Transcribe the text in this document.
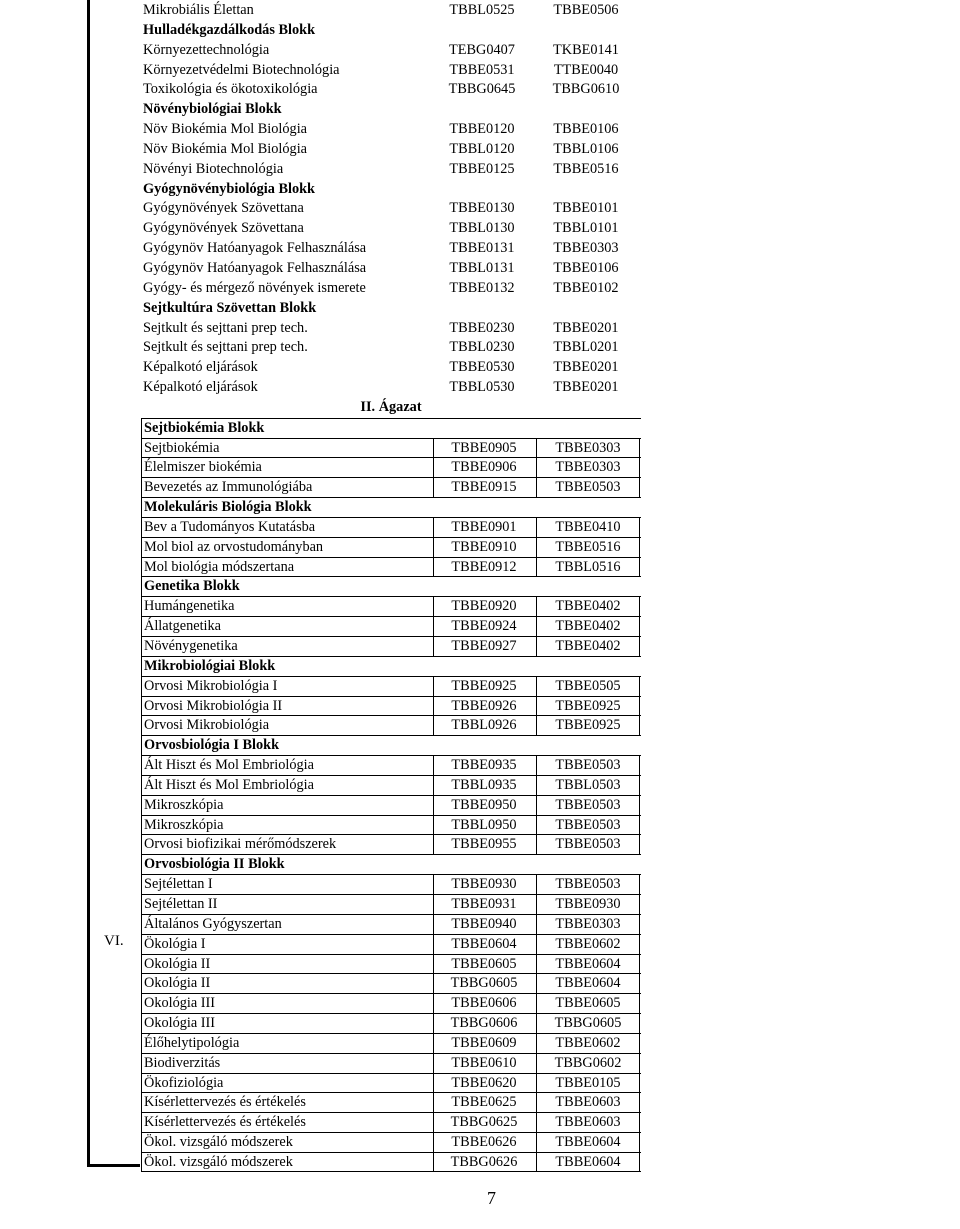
VI.
Mikrobiális Élettan	TBBL0525	TBBE0506
Hulladékgazdálkodás Blokk
Környezettechnológia	TEBG0407	TKBE0141
Környezetvédelmi Biotechnológia	TBBE0531	TTBE0040
Toxikológia és ökotoxikológia	TBBG0645	TBBG0610
Növénybiológiai Blokk
Növ Biokémia Mol Biológia	TBBE0120	TBBE0106
Növ Biokémia Mol Biológia	TBBL0120	TBBL0106
Növényi Biotechnológia	TBBE0125	TBBE0516
Gyógynövénybiológia Blokk
Gyógynövények Szövettana	TBBE0130	TBBE0101
Gyógynövények Szövettana	TBBL0130	TBBL0101
Gyógynöv Hatóanyagok Felhasználása	TBBE0131	TBBE0303
Gyógynöv Hatóanyagok Felhasználása	TBBL0131	TBBE0106
Gyógy- és mérgező növények ismerete	TBBE0132	TBBE0102
Sejtkultúra Szövettan Blokk
Sejtkult és sejttani prep tech.	TBBE0230	TBBE0201
Sejtkult és sejttani prep tech.	TBBL0230	TBBL0201
Képalkotó eljárások	TBBE0530	TBBE0201
Képalkotó eljárások	TBBL0530	TBBE0201
II. Ágazat
Sejtbiokémia Blokk
Sejtbiokémia	TBBE0905	TBBE0303
Élelmiszer biokémia	TBBE0906	TBBE0303
Bevezetés az Immunológiába	TBBE0915	TBBE0503
Molekuláris Biológia Blokk
Bev a Tudományos Kutatásba	TBBE0901	TBBE0410
Mol biol az orvostudományban	TBBE0910	TBBE0516
Mol biológia módszertana	TBBE0912	TBBL0516
Genetika Blokk
Humángenetika	TBBE0920	TBBE0402
Állatgenetika	TBBE0924	TBBE0402
Növénygenetika	TBBE0927	TBBE0402
Mikrobiológiai Blokk
Orvosi Mikrobiológia I	TBBE0925	TBBE0505
Orvosi Mikrobiológia II	TBBE0926	TBBE0925
Orvosi Mikrobiológia	TBBL0926	TBBE0925
Orvosbiológia I Blokk
Ált Hiszt és Mol Embriológia	TBBE0935	TBBE0503
Ált Hiszt és Mol Embriológia	TBBL0935	TBBL0503
Mikroszkópia	TBBE0950	TBBE0503
Mikroszkópia	TBBL0950	TBBE0503
Orvosi biofizikai mérőmódszerek	TBBE0955	TBBE0503
Orvosbiológia II Blokk
Sejtélettan I	TBBE0930	TBBE0503
Sejtélettan II	TBBE0931	TBBE0930
Általános Gyógyszertan	TBBE0940	TBBE0303
Ökológia I	TBBE0604	TBBE0602
Okológia II	TBBE0605	TBBE0604
Okológia II	TBBG0605	TBBE0604
Okológia III	TBBE0606	TBBE0605
Okológia III	TBBG0606	TBBG0605
Élőhelytipológia	TBBE0609	TBBE0602
Biodiverzitás	TBBE0610	TBBG0602
Ökofiziológia	TBBE0620	TBBE0105
Kísérlettervezés és értékelés	TBBE0625	TBBE0603
Kísérlettervezés és értékelés	TBBG0625	TBBE0603
Ökol. vizsgáló módszerek	TBBE0626	TBBE0604
Ökol. vizsgáló módszerek	TBBG0626	TBBE0604
7
